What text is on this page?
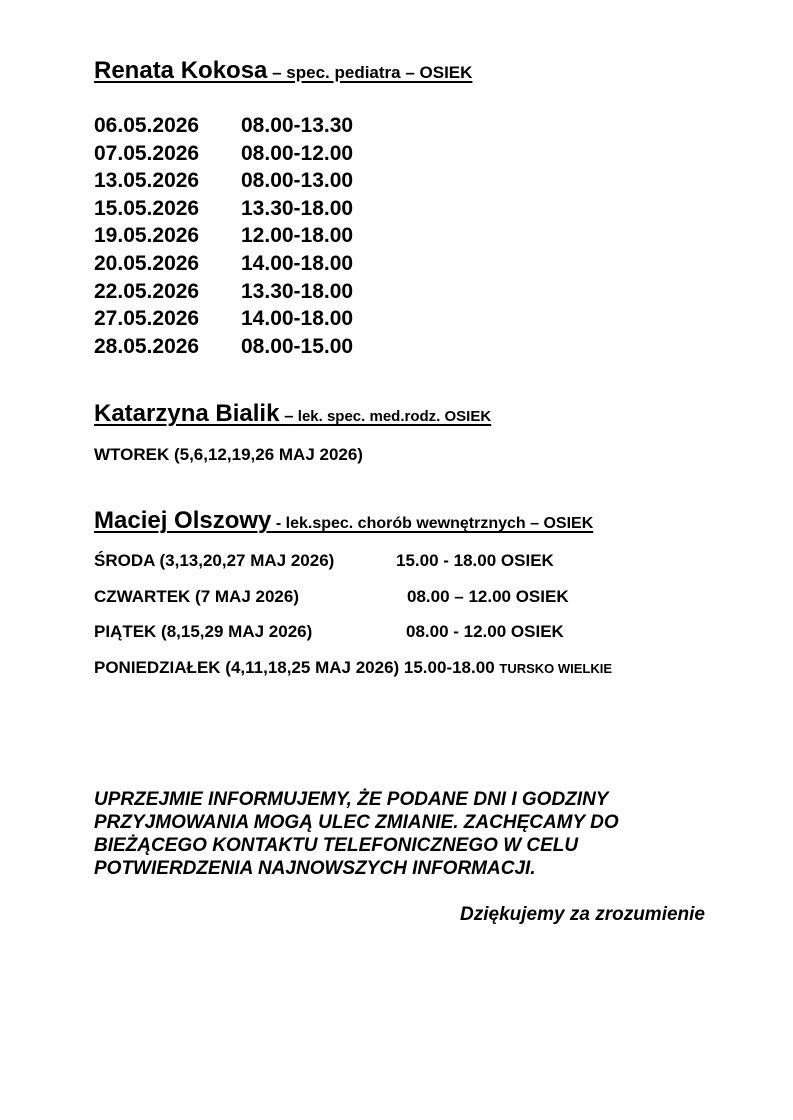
Renata Kokosa – spec. pediatra – OSIEK
06.05.2026	08.00-13.30
07.05.2026	08.00-12.00
13.05.2026	08.00-13.00
15.05.2026	13.30-18.00
19.05.2026	12.00-18.00
20.05.2026	14.00-18.00
22.05.2026	13.30-18.00
27.05.2026	14.00-18.00
28.05.2026	08.00-15.00
Katarzyna Bialik – lek. spec. med.rodz. OSIEK
WTOREK (5,6,12,19,26 MAJ 2026)
Maciej Olszowy - lek.spec. chorób wewnętrznych – OSIEK
ŚRODA (3,13,20,27 MAJ 2026)	15.00 - 18.00 OSIEK
CZWARTEK (7 MAJ 2026)	08.00 – 12.00 OSIEK
PIĄTEK (8,15,29 MAJ 2026)	08.00 - 12.00 OSIEK
PONIEDZIAŁEK (4,11,18,25 MAJ 2026) 15.00-18.00 TURSKO WIELKIE
UPRZEJMIE INFORMUJEMY, ŻE PODANE DNI I GODZINY PRZYJMOWANIA MOGĄ ULEC ZMIANIE. ZACHĘCAMY DO BIEŻĄCEGO KONTAKTU TELEFONICZNEGO W CELU POTWIERDZENIA NAJNOWSZYCH INFORMACJI.
Dziękujemy za zrozumienie
